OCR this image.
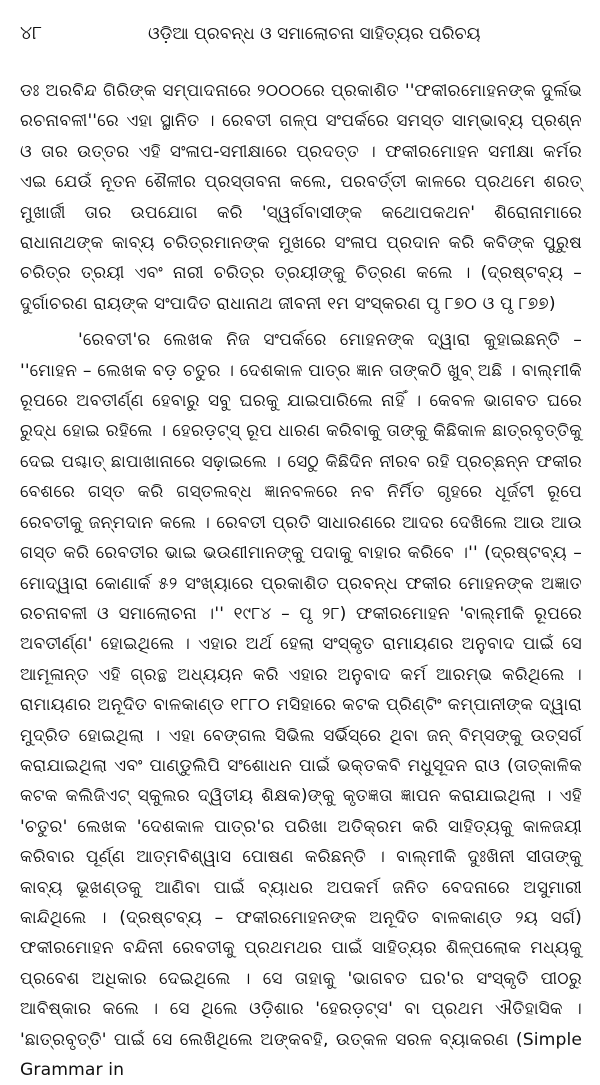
୪୮	ଓଡ଼ିଆ ପ୍ରବନ୍ଧ ଓ ସମାଲୋଚନା ସାହିତ୍ୟର ପରିଚୟ

ଡଃ ଅରବିନ୍ଦ ଗିରିଙ୍କ ସମ୍ପାଦନାରେ ୨୦୦୦ରେ ପ୍ରକାଶିତ ''ଫକୀରମୋହନଙ୍କ ଦୁର୍ଲଭ ରଚନାବଳୀ''ରେ ଏହା ସ୍ଥାନିତ । ରେବତୀ ଗଳ୍ପ ସଂପର୍କରେ ସମସ୍ତ ସାମ୍ଭାବ୍ୟ ପ୍ରଶ୍ନ ଓ ତାର ଉତ୍ତର ଏହି ସଂଳାପ-ସମୀକ୍ଷାରେ ପ୍ରଦତ୍ତ । ଫକୀରମୋହନ ସମୀକ୍ଷା କର୍ମର ଏଇ ଯେଉଁ ନୂତନ ଶୈଳୀର ପ୍ରସ୍ତାବନା କଲେ, ପରବର୍ତ୍ତୀ କାଳରେ ପ୍ରଥମେ ଶରତ୍ ମୁଖାର୍ଜୀ ତାର ଉପଯୋଗ କରି 'ସ୍ୱର୍ଗବାସୀଙ୍କ କଥୋପକଥନ' ଶିରୋନାମାରେ ରାଧାନାଥଙ୍କ କାବ୍ୟ ଚରିତ୍ରମାନଙ୍କ ମୁଖରେ ସଂଳାପ ପ୍ରଦାନ କରି କବିଙ୍କ ପୁରୁଷ ଚରିତ୍ର ତ୍ରୟୀ ଏବଂ ନାରୀ ଚରିତ୍ର ତ୍ରୟୀଙ୍କୁ ଚିତ୍ରଣ କଲେ । (ଦ୍ରଷ୍ଟବ୍ୟ – ଦୁର୍ଗାଚରଣ ରାୟଙ୍କ ସଂପାଦିତ ରାଧାନାଥ ଜୀବନୀ ୧ମ ସଂସ୍କରଣ ପୃ ୮୭୦ ଓ ପୃ ୮୭୭)

'ରେବତୀ'ର ଲେଖକ ନିଜ ସଂପର୍କରେ ମୋହନଙ୍କ ଦ୍ୱାରା କୁହାଇଛନ୍ତି – ''ମୋହନ – ଲେଖକ ବଡ଼ ଚତୁର । ଦେଶକାଳ ପାତ୍ର ଜ୍ଞାନ ତାଙ୍କଠି ଖୁବ୍ ଅଛି । ବାଲ୍ମୀକି ରୂପରେ ଅବତୀର୍ଣ୍ଣ ହେବାରୁ ସବୁ ଘରକୁ ଯାଇପାରିଲେ ନାହିଁ । କେବଳ ଭାଗବତ ଘରେ ରୁଦ୍ଧ ହୋଇ ରହିଲେ । ହେରଡ଼ଟ୍ସ୍ ରୂପ ଧାରଣ କରିବାକୁ ତାଙ୍କୁ କିଛିକାଳ ଛାତ୍ରବୃତ୍ତିକୁ ଦେଇ ପଶ୍ଚାତ୍ ଛାପାଖାନାରେ ସଢ଼ାଇଲେ । ସେଠୁ କିଛିଦିନ ନୀରବ ରହି ପ୍ରଚ୍ଛନ୍ନ ଫକୀର ବେଶରେ ଗସ୍ତ କରି ଗସ୍ତଲବ୍ଧ ଜ୍ଞାନବଳରେ ନବ ନିର୍ମିତ ଗୃହରେ ଧୂର୍ଜଟୀ ରୂପେ ରେବତୀକୁ ଜନ୍ମଦାନ କଲେ । ରେବତୀ ପ୍ରତି ସାଧାରଣରେ ଆଦର ଦେଖିଲେ ଆଉ ଆଉ ଗସ୍ତ କରି ରେବତୀର ଭାଇ ଭଉଣୀମାନଙ୍କୁ ପଦାକୁ ବାହାର କରିବେ ।'' (ଦ୍ରଷ୍ଟବ୍ୟ – ମୋଦ୍ୱାରା କୋଣାର୍କ ୫୨ ସଂଖ୍ୟାରେ ପ୍ରକାଶିତ ପ୍ରବନ୍ଧ ଫକୀର ମୋହନଙ୍କ ଅଜ୍ଞାତ ରଚନାବଳୀ ଓ ସମାଲୋଚନା ।'' ୧୯୮୪ – ପୃ ୨୮) ଫକୀରମୋହନ 'ବାଲ୍ମୀକି ରୂପରେ ଅବତୀର୍ଣ୍ଣ' ହୋଇଥିଲେ । ଏହାର ଅର୍ଥ ହେଲା ସଂସ୍କୃତ ରାମାୟଣର ଅନୁବାଦ ପାଇଁ ସେ ଆମୂଳାନ୍ତ ଏହି ଗ୍ରନ୍ଥ ଅଧ୍ୟୟନ କରି ଏହାର ଅନୁବାଦ କର୍ମ ଆରମ୍ଭ କରିଥିଲେ । ରାମାୟଣର ଅନୂଦିତ ବାଳକାଣ୍ଡ ୧୮୮୦ ମସିହାରେ କଟକ ପ୍ରିଣ୍ଟିଂ କମ୍ପାନୀଙ୍କ ଦ୍ୱାରା ମୁଦ୍ରିତ ହୋଇଥିଲା । ଏହା ବେଙ୍ଗଲ ସିଭିଲ ସର୍ଭିସ୍‌ରେ ଥିବା ଜନ୍ ବିମ୍ସଙ୍କୁ ଉତ୍ସର୍ଗ କରାଯାଇଥିଲା ଏବଂ ପାଣ୍ଡୁଲିପି ସଂଶୋଧନ ପାଇଁ ଭକ୍ତକବି ମଧୁସୂଦନ ରାଓ (ତାତ୍କାଳିକ କଟକ କଲିଜିଏଟ୍ ସ୍କୁଲର ଦ୍ୱିତୀୟ ଶିକ୍ଷକ)ଙ୍କୁ କୃତଜ୍ଞତା ଜ୍ଞାପନ କରାଯାଇଥିଲା । ଏହି 'ଚତୁର' ଲେଖକ 'ଦେଶକାଳ ପାତ୍ର'ର ପରିଖା ଅତିକ୍ରମ କରି ସାହିତ୍ୟକୁ କାଳଜୟୀ କରିବାର ପୂର୍ଣ୍ଣ ଆତ୍ମବିଶ୍ୱାସ ପୋଷଣ କରିଛନ୍ତି । ବାଲ୍ମୀକି ଦୁଃଖିନୀ ସୀତାଙ୍କୁ କାବ୍ୟ ଭୂଖଣ୍ଡକୁ ଆଣିବା ପାଇଁ ବ୍ୟାଧର ଅପକର୍ମ ଜନିତ ବେଦନାରେ ଅସୁମାରୀ କାନ୍ଦିଥିଲେ । (ଦ୍ରଷ୍ଟବ୍ୟ – ଫକୀରମୋହନଙ୍କ ଅନୂଦିତ ବାଳକାଣ୍ଡ ୨ୟ ସର୍ଗ) ଫକୀରମୋହନ ବନ୍ଦିନୀ ରେବତୀକୁ ପ୍ରଥମଥର ପାଇଁ ସାହିତ୍ୟର ଶିଳ୍ପଲୋକ ମଧ୍ୟକୁ ପ୍ରବେଶ ଅଧିକାର ଦେଇଥିଲେ । ସେ ତାହାକୁ 'ଭାଗବତ ଘର'ର ସଂସ୍କୃତି ପୀଠରୁ ଆବିଷ୍କାର କଲେ । ସେ ଥିଲେ ଓଡ଼ିଶାର 'ହେରଡ଼ଟ୍ସ' ବା ପ୍ରଥମ ଐତିହାସିକ । 'ଛାତ୍ରବୃତ୍ତି' ପାଇଁ ସେ ଲେଖିଥିଲେ ଅଙ୍କବହି, ଉତ୍କଳ ସରଳ ବ୍ୟାକରଣ (Simple Grammar in
